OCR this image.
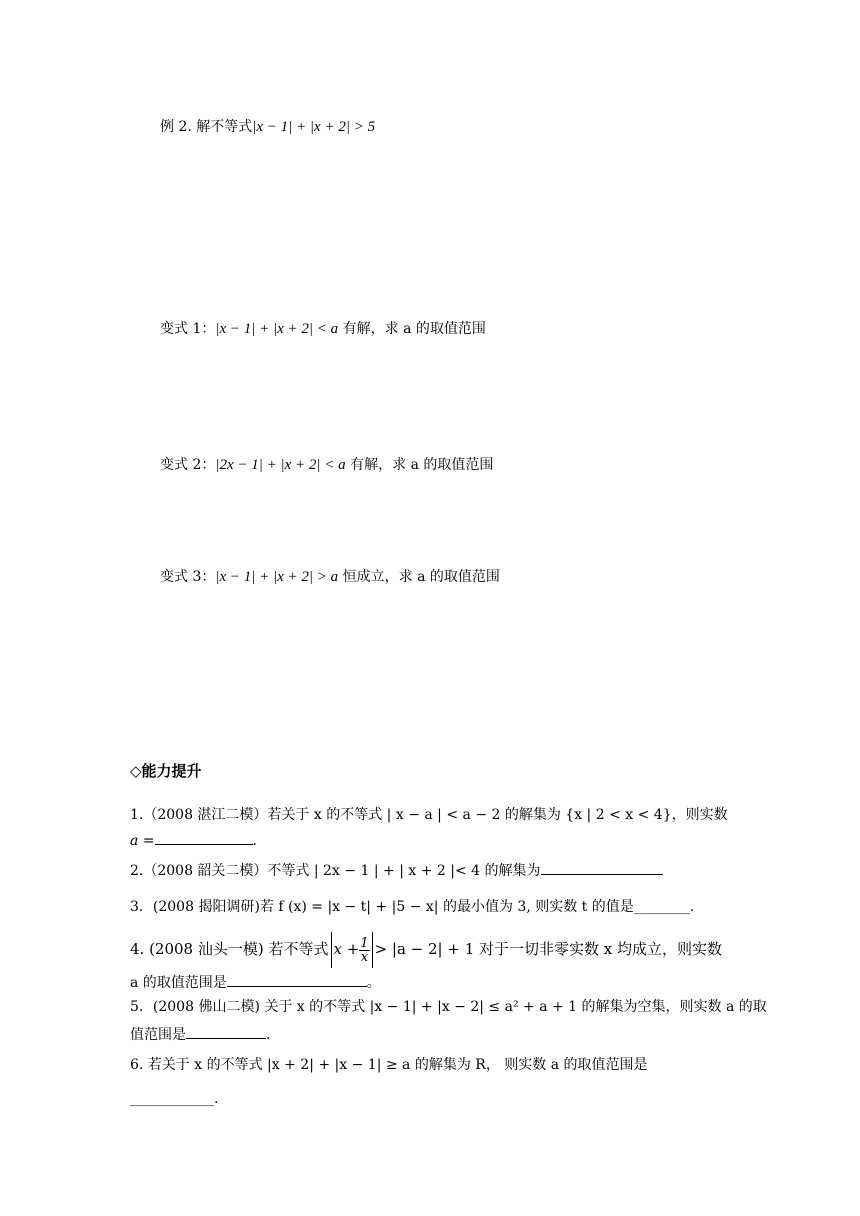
例 2. 解不等式|x − 1| + |x + 2| > 5
变式 1：|x − 1| + |x + 2| < a 有解，求 a 的取值范围
变式 2：|2x − 1| + |x + 2| < a 有解，求 a 的取值范围
变式 3：|x − 1| + |x + 2| > a 恒成立，求 a 的取值范围
◇能力提升
1.（2008 湛江二模）若关于 x 的不等式 | x − a | < a − 2 的解集为 {x | 2 < x < 4}，则实数
a =	.
2.（2008 韶关二模）不等式 | 2x − 1 | + | x + 2 |< 4 的解集为
3．(2008 揭阳调研)若 f (x) = |x − t| + |5 − x| 的最小值为 3, 则实数 t 的值是________.
4. (2008 汕头一模) 若不等式 $x + \frac{1}{x} > |a - 2| + 1$ 对于一切非零实数 x 均成立，则实数
a 的取值范围是	。
5．(2008 佛山二模) 关于 x 的不等式 |x − 1| + |x − 2| ≤ a² + a + 1 的解集为空集，则实数 a 的取
值范围是	.
6. 若关于 x 的不等式 |x + 2| + |x − 1| ≥ a 的解集为 R， 则实数 a 的取值范围是
____________.
